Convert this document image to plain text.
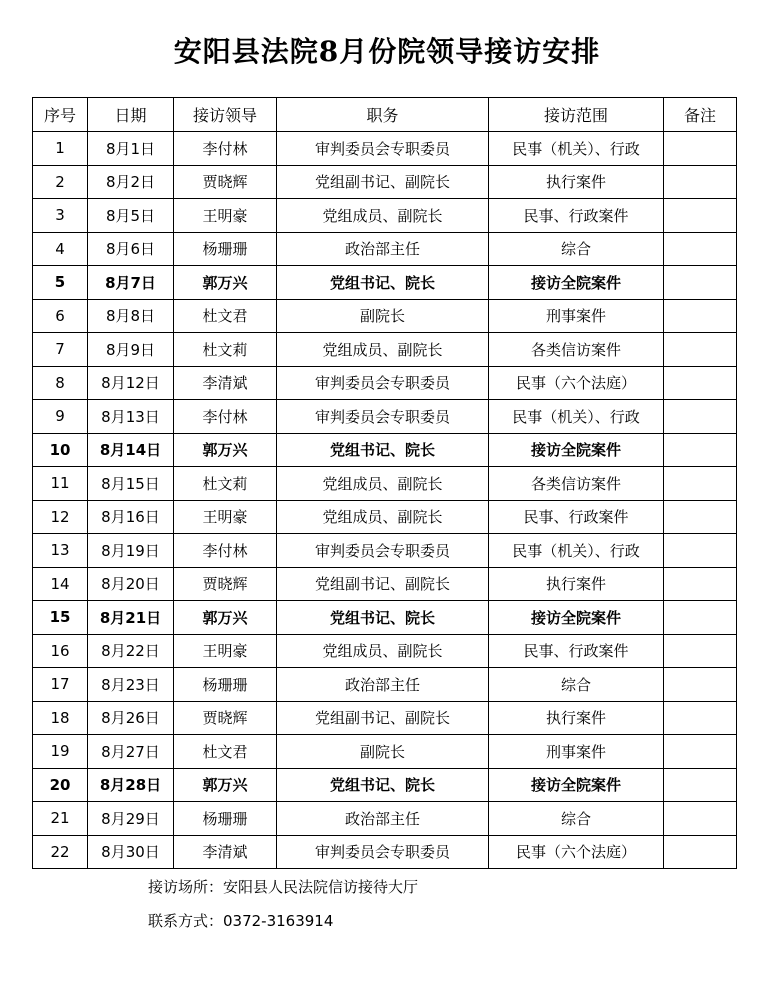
安阳县法院8月份院领导接访安排
序号	日期	接访领导	职务	接访范围	备注
1	8月1日	李付林	审判委员会专职委员	民事（机关）、行政	
2	8月2日	贾晓辉	党组副书记、副院长	执行案件	
3	8月5日	王明豪	党组成员、副院长	民事、行政案件	
4	8月6日	杨珊珊	政治部主任	综合	
5	8月7日	郭万兴	党组书记、院长	接访全院案件	
6	8月8日	杜文君	副院长	刑事案件	
7	8月9日	杜文莉	党组成员、副院长	各类信访案件	
8	8月12日	李清斌	审判委员会专职委员	民事（六个法庭）	
9	8月13日	李付林	审判委员会专职委员	民事（机关）、行政	
10	8月14日	郭万兴	党组书记、院长	接访全院案件	
11	8月15日	杜文莉	党组成员、副院长	各类信访案件	
12	8月16日	王明豪	党组成员、副院长	民事、行政案件	
13	8月19日	李付林	审判委员会专职委员	民事（机关）、行政	
14	8月20日	贾晓辉	党组副书记、副院长	执行案件	
15	8月21日	郭万兴	党组书记、院长	接访全院案件	
16	8月22日	王明豪	党组成员、副院长	民事、行政案件	
17	8月23日	杨珊珊	政治部主任	综合	
18	8月26日	贾晓辉	党组副书记、副院长	执行案件	
19	8月27日	杜文君	副院长	刑事案件	
20	8月28日	郭万兴	党组书记、院长	接访全院案件	
21	8月29日	杨珊珊	政治部主任	综合	
22	8月30日	李清斌	审判委员会专职委员	民事（六个法庭）	
接访场所：安阳县人民法院信访接待大厅
联系方式：0372-3163914
